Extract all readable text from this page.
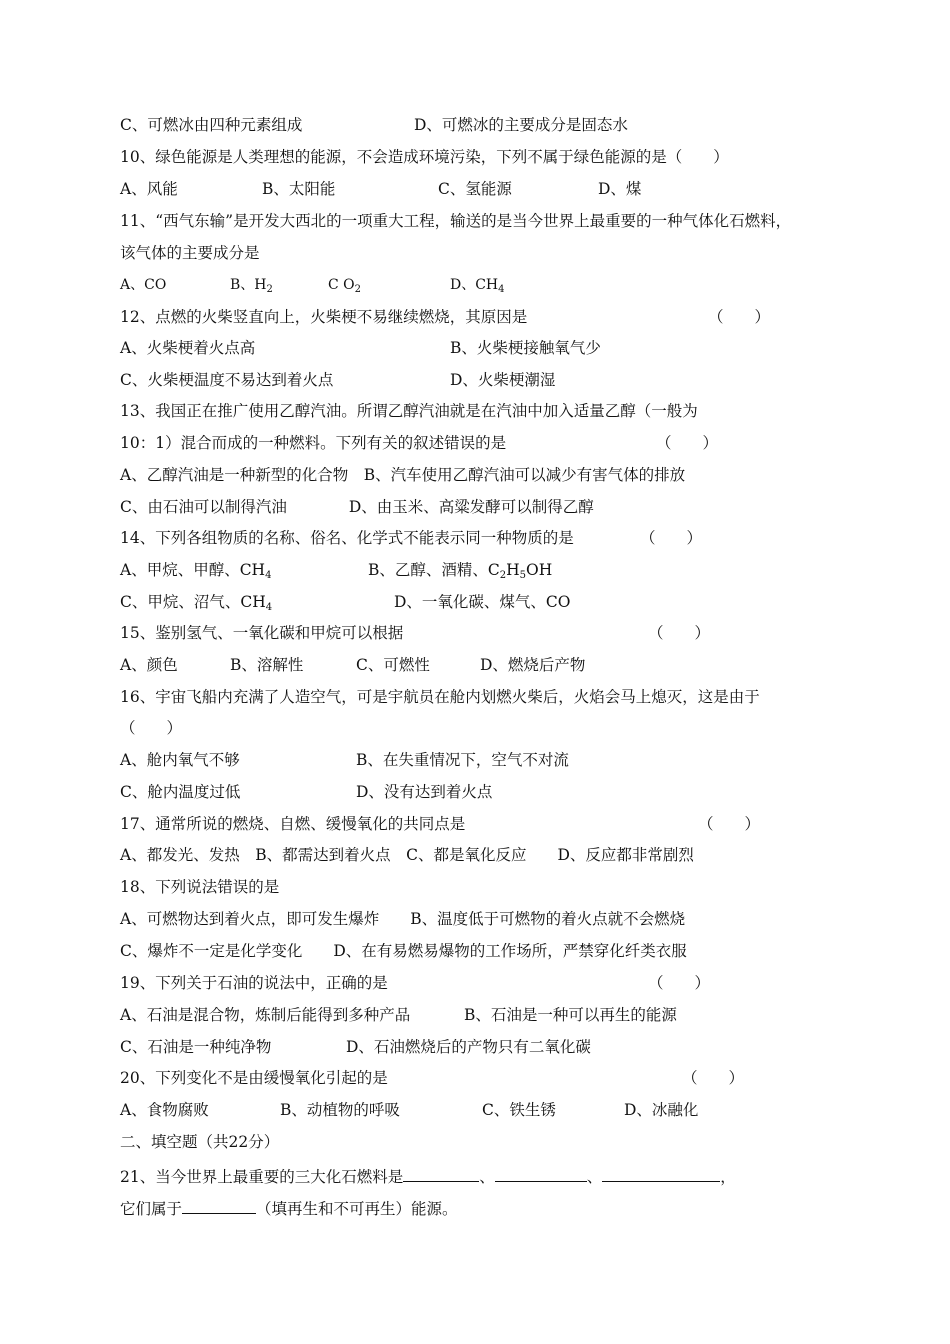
C、可燃冰由四种元素组成	D、可燃冰的主要成分是固态水
10、绿色能源是人类理想的能源，不会造成环境污染，下列不属于绿色能源的是（　　）
A、风能	B、太阳能	C、氢能源	D、煤
11、“西气东输”是开发大西北的一项重大工程，输送的是当今世界上最重要的一种气体化石燃料，
该气体的主要成分是
A、CO	B、$H_2$	C $O_2$	D、$CH_4$
12、点燃的火柴竖直向上，火柴梗不易继续燃烧，其原因是	（　　）
A、火柴梗着火点高	B、火柴梗接触氧气少
C、火柴梗温度不易达到着火点	D、火柴梗潮湿
13、我国正在推广使用乙醇汽油。所谓乙醇汽油就是在汽油中加入适量乙醇（一般为
10：1）混合而成的一种燃料。下列有关的叙述错误的是	（　　）
A、乙醇汽油是一种新型的化合物　B、汽车使用乙醇汽油可以减少有害气体的排放
C、由石油可以制得汽油　　　　D、由玉米、高粱发酵可以制得乙醇
14、下列各组物质的名称、俗名、化学式不能表示同一种物质的是	（　　）
A、甲烷、甲醇、$CH_4$	B、乙醇、酒精、$C_2H_5OH$
C、甲烷、沼气、$CH_4$	D、一氧化碳、煤气、CO
15、鉴别氢气、一氧化碳和甲烷可以根据	（　　）
A、颜色	B、溶解性	C、可燃性	D、燃烧后产物
16、宇宙飞船内充满了人造空气，可是宇航员在舱内划燃火柴后，火焰会马上熄灭，这是由于
（　　）
A、舱内氧气不够	B、在失重情况下，空气不对流
C、舱内温度过低	D、没有达到着火点
17、通常所说的燃烧、自燃、缓慢氧化的共同点是	（　　）
A、都发光、发热　B、都需达到着火点　C、都是氧化反应　　D、反应都非常剧烈
18、下列说法错误的是
A、可燃物达到着火点，即可发生爆炸　　B、温度低于可燃物的着火点就不会燃烧
C、爆炸不一定是化学变化　　D、在有易燃易爆物的工作场所，严禁穿化纤类衣服
19、下列关于石油的说法中，正确的是	（　　）
A、石油是混合物，炼制后能得到多种产品	B、石油是一种可以再生的能源
C、石油是一种纯净物	D、石油燃烧后的产物只有二氧化碳
20、下列变化不是由缓慢氧化引起的是	（　　）
A、食物腐败	B、动植物的呼吸	C、铁生锈	D、冰融化
二、填空题（共22分）
21、当今世界上最重要的三大化石燃料是	、	、	，
它们属于	（填再生和不可再生）能源。
